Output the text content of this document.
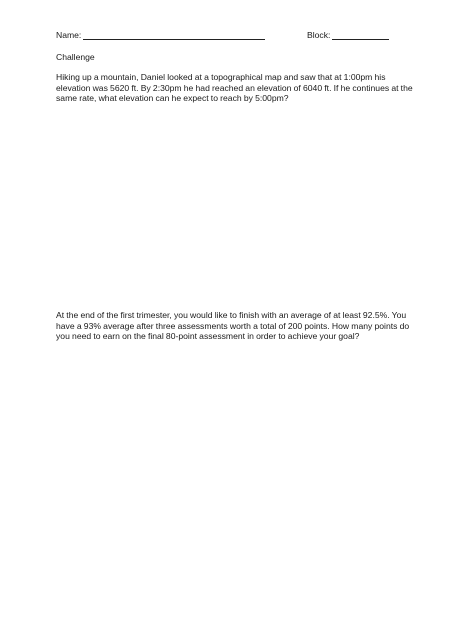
Name:	Block:
Challenge

Hiking up a mountain, Daniel looked at a topographical map and saw that at 1:00pm his elevation was 5620 ft. By 2:30pm he had reached an elevation of 6040 ft. If he continues at the same rate, what elevation can he expect to reach by 5:00pm?

At the end of the first trimester, you would like to finish with an average of at least 92.5%. You have a 93% average after three assessments worth a total of 200 points. How many points do you need to earn on the final 80-point assessment in order to achieve your goal?
